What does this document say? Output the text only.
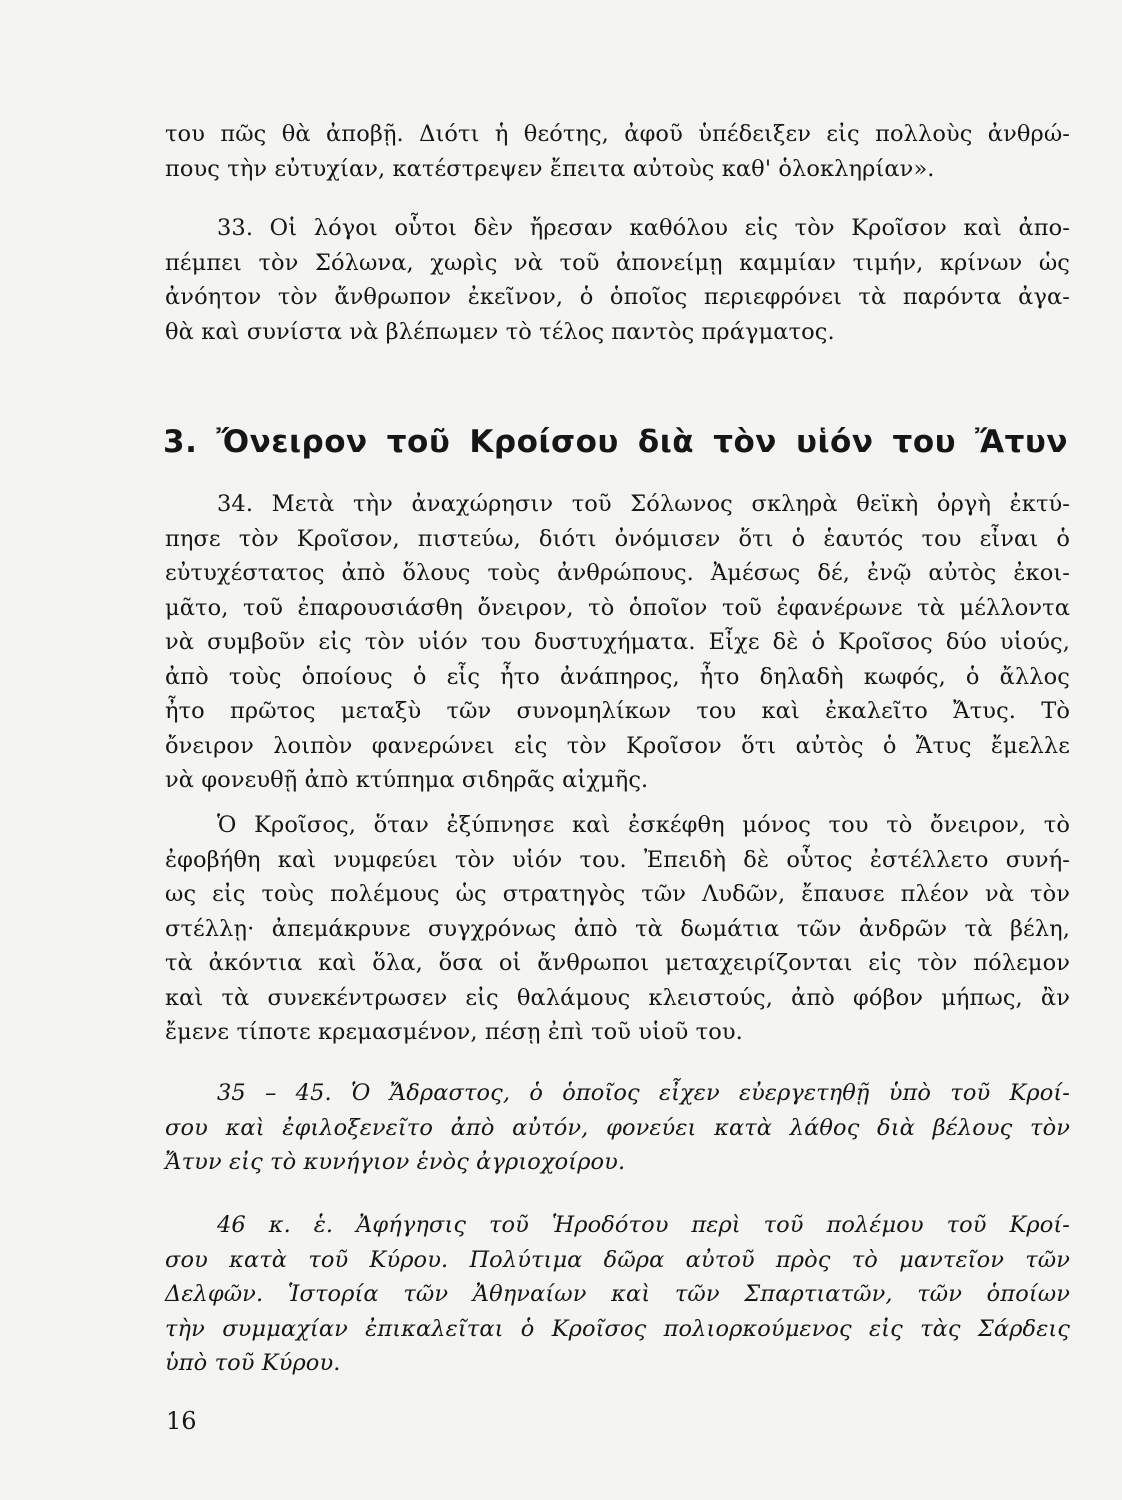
του πῶς θὰ ἀποβῇ. Διότι ἡ θεότης, ἀφοῦ ὑπέδειξεν εἰς πολλοὺς ἀνθρώ-
πους τὴν εὐτυχίαν, κατέστρεψεν ἔπειτα αὐτοὺς καθ' ὁλοκληρίαν».
33. Οἱ λόγοι οὗτοι δὲν ἤρεσαν καθόλου εἰς τὸν Κροῖσον καὶ ἀπο-
πέμπει τὸν Σόλωνα, χωρὶς νὰ τοῦ ἀπονείμῃ καμμίαν τιμήν, κρίνων ὡς
ἀνόητον τὸν ἄνθρωπον ἐκεῖνον, ὁ ὁποῖος περιεφρόνει τὰ παρόντα ἀγα-
θὰ καὶ συνίστα νὰ βλέπωμεν τὸ τέλος παντὸς πράγματος.
3. Ὄνειρον τοῦ Κροίσου διὰ τὸν υἱόν του Ἄτυν
34. Μετὰ τὴν ἀναχώρησιν τοῦ Σόλωνος σκληρὰ θεϊκὴ ὀργὴ ἐκτύ-
πησε τὸν Κροῖσον, πιστεύω, διότι ὀνόμισεν ὅτι ὁ ἑαυτός του εἶναι ὁ
εὐτυχέστατος ἀπὸ ὅλους τοὺς ἀνθρώπους. Ἀμέσως δέ, ἐνῷ αὐτὸς ἐκοι-
μᾶτο, τοῦ ἐπαρουσιάσθη ὄνειρον, τὸ ὁποῖον τοῦ ἐφανέρωνε τὰ μέλλοντα
νὰ συμβοῦν εἰς τὸν υἱόν του δυστυχήματα. Εἶχε δὲ ὁ Κροῖσος δύο υἱούς,
ἀπὸ τοὺς ὁποίους ὁ εἷς ἦτο ἀνάπηρος, ἦτο δηλαδὴ κωφός, ὁ ἄλλος
ἦτο πρῶτος μεταξὺ τῶν συνομηλίκων του καὶ ἐκαλεῖτο Ἄτυς. Τὸ
ὄνειρον λοιπὸν φανερώνει εἰς τὸν Κροῖσον ὅτι αὐτὸς ὁ Ἄτυς ἔμελλε
νὰ φονευθῇ ἀπὸ κτύπημα σιδηρᾶς αἰχμῆς.
Ὁ Κροῖσος, ὅταν ἐξύπνησε καὶ ἐσκέφθη μόνος του τὸ ὄνειρον, τὸ
ἐφοβήθη καὶ νυμφεύει τὸν υἱόν του. Ἐπειδὴ δὲ οὗτος ἐστέλλετο συνή-
ως εἰς τοὺς πολέμους ὡς στρατηγὸς τῶν Λυδῶν, ἔπαυσε πλέον νὰ τὸν
στέλλῃ· ἀπεμάκρυνε συγχρόνως ἀπὸ τὰ δωμάτια τῶν ἀνδρῶν τὰ βέλη,
τὰ ἀκόντια καὶ ὅλα, ὅσα οἱ ἄνθρωποι μεταχειρίζονται εἰς τὸν πόλεμον
καὶ τὰ συνεκέντρωσεν εἰς θαλάμους κλειστούς, ἀπὸ φόβον μήπως, ἂν
ἔμενε τίποτε κρεμασμένον, πέσῃ ἐπὶ τοῦ υἱοῦ του.
35 – 45. Ὁ Ἄδραστος, ὁ ὁποῖος εἶχεν εὐεργετηθῇ ὑπὸ τοῦ Κροί-
σου καὶ ἐφιλοξενεῖτο ἀπὸ αὐτόν, φονεύει κατὰ λάθος διὰ βέλους τὸν
Ἄτυν εἰς τὸ κυνήγιον ἑνὸς ἀγριοχοίρου.
46 κ. ἑ. Ἀφήγησις τοῦ Ἡροδότου περὶ τοῦ πολέμου τοῦ Κροί-
σου κατὰ τοῦ Κύρου. Πολύτιμα δῶρα αὐτοῦ πρὸς τὸ μαντεῖον τῶν
Δελφῶν. Ἱστορία τῶν Ἀθηναίων καὶ τῶν Σπαρτιατῶν, τῶν ὁποίων
τὴν συμμαχίαν ἐπικαλεῖται ὁ Κροῖσος πολιορκούμενος εἰς τὰς Σάρδεις
ὑπὸ τοῦ Κύρου.
16
